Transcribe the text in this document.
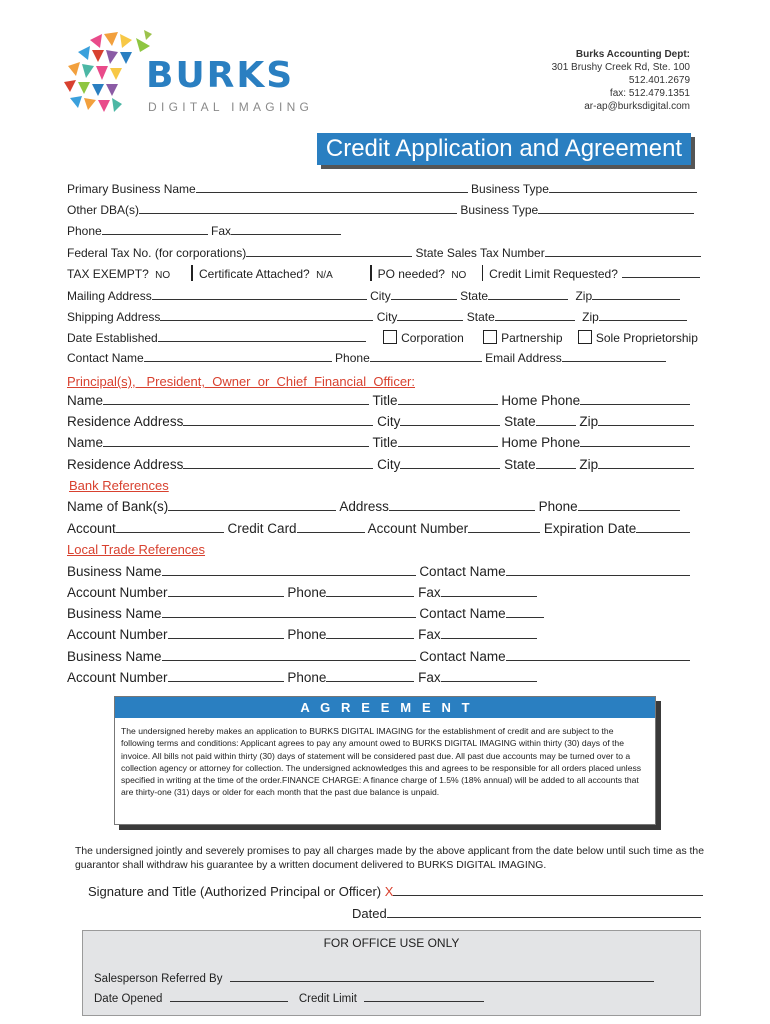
BURKS
DIGITAL IMAGING
Burks Accounting Dept:
301 Brushy Creek Rd, Ste. 100
512.401.2679
fax: 512.479.1351
ar-ap@burksdigital.com
Credit Application and Agreement
Primary Business Name	Business Type
Other DBA(s)	Business Type
Phone	Fax
Federal Tax No. (for corporations)	State Sales Tax Number
TAX EXEMPT? NO Certificate Attached? N/A	PO needed? NO Credit Limit Requested?
Mailing Address	City	State	Zip
Shipping Address	City	State	Zip
Date Established	Corporation	Partnership	Sole Proprietorship
Contact Name	Phone	Email Address
Principal(s),   President,  Owner  or  Chief  Financial  Officer:
Name	Title	Home Phone
Residence Address	City	State	Zip
Name	Title	Home Phone
Residence Address	City	State	Zip
Bank References
Name of Bank(s)	Address	Phone
Account	Credit Card	Account Number	Expiration Date
Local Trade References
Business Name	Contact Name
Account Number	Phone	Fax
Business Name	Contact Name
Account Number	Phone	Fax
Business Name	Contact Name
Account Number	Phone	Fax
A   G   R   E   E   M   E   N   T
The undersigned hereby makes an application to BURKS DIGITAL IMAGING for the establishment of credit and are subject to the following terms and conditions: Applicant agrees to pay any amount owed to BURKS DIGITAL IMAGING within thirty (30) days of the invoice. All bills not paid within thirty (30) days of statement will be considered past due. All past due accounts may be turned over to a collection agency or attorney for collection. The undersigned acknowledges this and agrees to be responsible for all orders placed unless specified in writing at the time of the order.FINANCE CHARGE: A finance charge of 1.5% (18% annual) will be added to all accounts that are thirty-one (31) days or older for each month that the past due balance is unpaid.
The undersigned jointly and severely promises to pay all charges made by the above applicant from the date below until such time as the guarantor shall withdraw his guarantee by a written document delivered to BURKS DIGITAL IMAGING.
Signature and Title (Authorized Principal or Officer) X
Dated
FOR OFFICE USE ONLY
Salesperson Referred By
Date Opened	Credit Limit
